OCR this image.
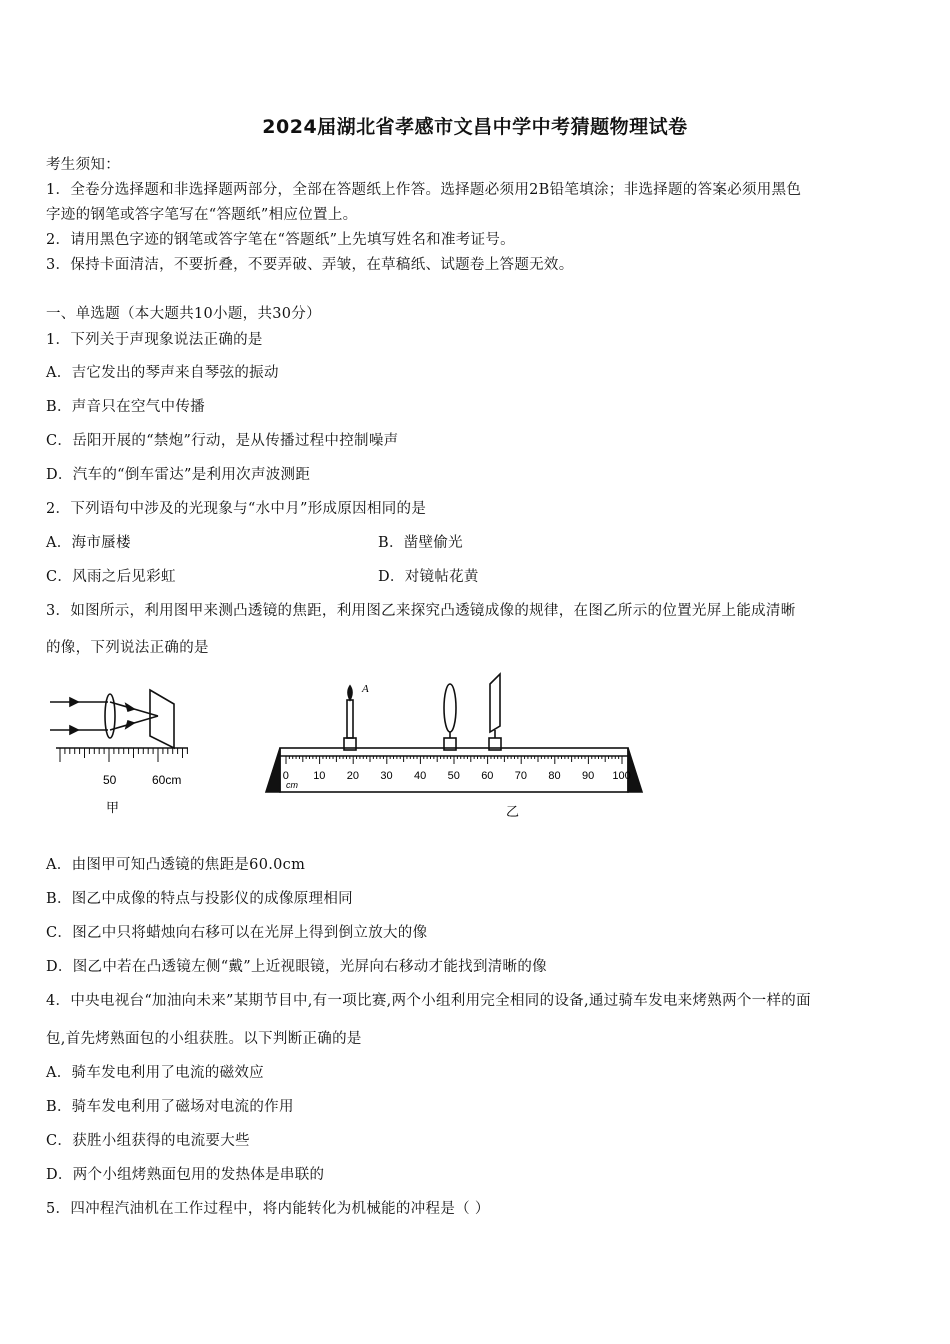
2024届湖北省孝感市文昌中学中考猜题物理试卷
考生须知：
1．全卷分选择题和非选择题两部分，全部在答题纸上作答。选择题必须用2B铅笔填涂；非选择题的答案必须用黑色
字迹的钢笔或答字笔写在“答题纸”相应位置上。
2．请用黑色字迹的钢笔或答字笔在“答题纸”上先填写姓名和准考证号。
3．保持卡面清洁，不要折叠，不要弄破、弄皱，在草稿纸、试题卷上答题无效。
一、单选题（本大题共10小题，共30分）
1．下列关于声现象说法正确的是
A．吉它发出的琴声来自琴弦的振动
B．声音只在空气中传播
C．岳阳开展的“禁炮”行动，是从传播过程中控制噪声
D．汽车的“倒车雷达”是利用次声波测距
2．下列语句中涉及的光现象与“水中月”形成原因相同的是
A．海市蜃楼	B．凿壁偷光
C．风雨之后见彩虹	D．对镜帖花黄
3．如图所示，利用图甲来测凸透镜的焦距，利用图乙来探究凸透镜成像的规律，在图乙所示的位置光屏上能成清晰
的像，下列说法正确的是
50	60cm
甲
A
0 10 20 30 40 50 60 70 80 90 100
cm
乙
A．由图甲可知凸透镜的焦距是60.0cm
B．图乙中成像的特点与投影仪的成像原理相同
C．图乙中只将蜡烛向右移可以在光屏上得到倒立放大的像
D．图乙中若在凸透镜左侧“戴”上近视眼镜，光屏向右移动才能找到清晰的像
4．中央电视台“加油向未来”某期节目中,有一项比赛,两个小组利用完全相同的设备,通过骑车发电来烤熟两个一样的面
包,首先烤熟面包的小组获胜。以下判断正确的是
A．骑车发电利用了电流的磁效应
B．骑车发电利用了磁场对电流的作用
C．获胜小组获得的电流要大些
D．两个小组烤熟面包用的发热体是串联的
5．四冲程汽油机在工作过程中，将内能转化为机械能的冲程是（ ）
